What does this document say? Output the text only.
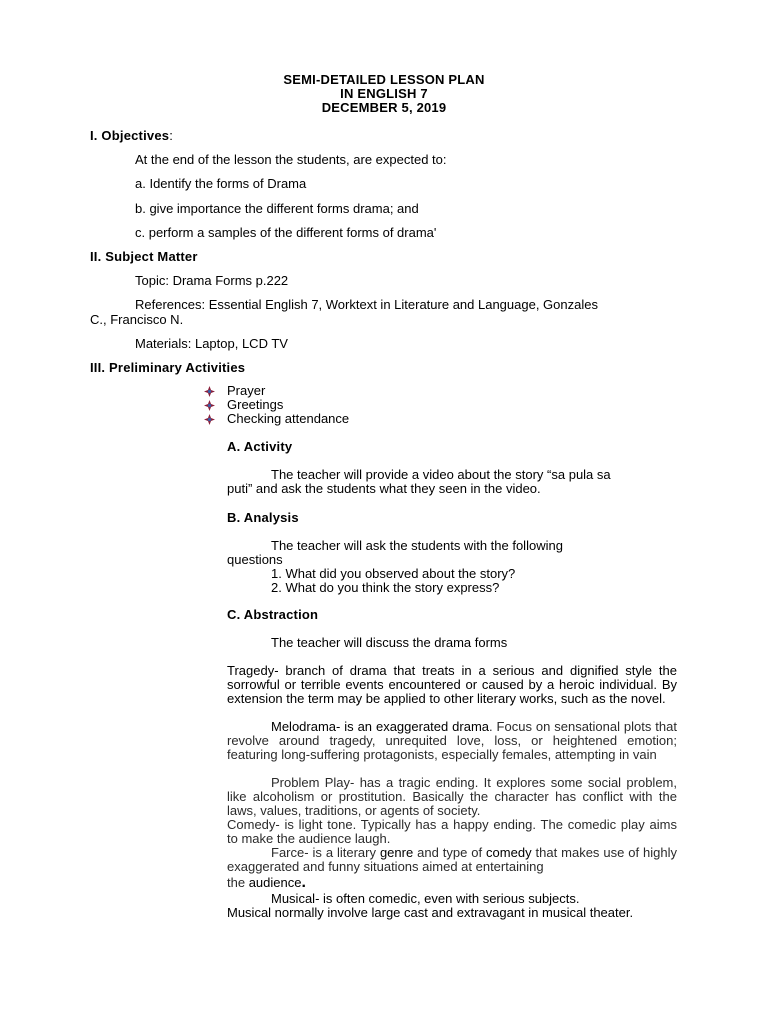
SEMI-DETAILED LESSON PLAN
IN ENGLISH 7
DECEMBER 5, 2019
I. Objectives:
At the end of the lesson the students, are expected to:
a. Identify the forms of Drama
b. give importance the different forms drama; and
c. perform a samples of the different forms of drama'
II. Subject Matter
Topic: Drama Forms p.222
References: Essential English 7, Worktext in Literature and Language, Gonzales
C., Francisco N.
Materials: Laptop, LCD TV
III. Preliminary Activities
Prayer
Greetings
Checking attendance
A. Activity
The teacher will provide a video about the story “sa pula sa
puti” and ask the students what they seen in the video.
B. Analysis
The teacher will ask the students with the following
questions
1. What did you observed about the story?
2. What do you think the story express?
C. Abstraction
The teacher will discuss the drama forms
Tragedy- branch of drama that treats in a serious and dignified style the sorrowful or terrible events encountered or caused by a heroic individual. By extension the term may be applied to other literary works, such as the novel.
Melodrama- is an exaggerated drama. Focus on sensational plots that revolve around tragedy, unrequited love, loss, or heightened emotion; featuring long-suffering protagonists, especially females, attempting in vain
Problem Play- has a tragic ending. It explores some social problem, like alcoholism or prostitution. Basically the character has conflict with the laws, values, traditions, or agents of society.
Comedy- is light tone. Typically has a happy ending. The comedic play aims to make the audience laugh.
Farce- is a literary genre and type of comedy that makes use of highly exaggerated and funny situations aimed at entertaining
the audience.
Musical- is often comedic, even with serious subjects.
Musical normally involve large cast and extravagant in musical theater.
